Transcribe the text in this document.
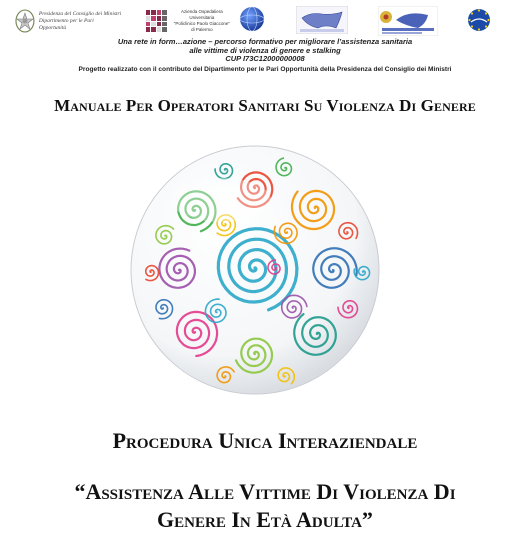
Presidenza del Consiglio dei Ministri
Dipartimento per le Pari Opportunità
Azienda Ospedaliera Universitaria
"Policlinico Paolo Giaccone"
di Palermo
Una rete in form…azione – percorso formativo per migliorare l’assistenza sanitaria
alle vittime di violenza di genere e stalking
CUP I73C12000000008
Progetto realizzato con il contributo del Dipartimento per le Pari Opportunità della Presidenza del Consiglio dei Ministri
Manuale Per Operatori Sanitari Su Violenza Di Genere
Procedura Unica Interaziendale
“Assistenza Alle Vittime Di Violenza Di
Genere In Età Adulta”
